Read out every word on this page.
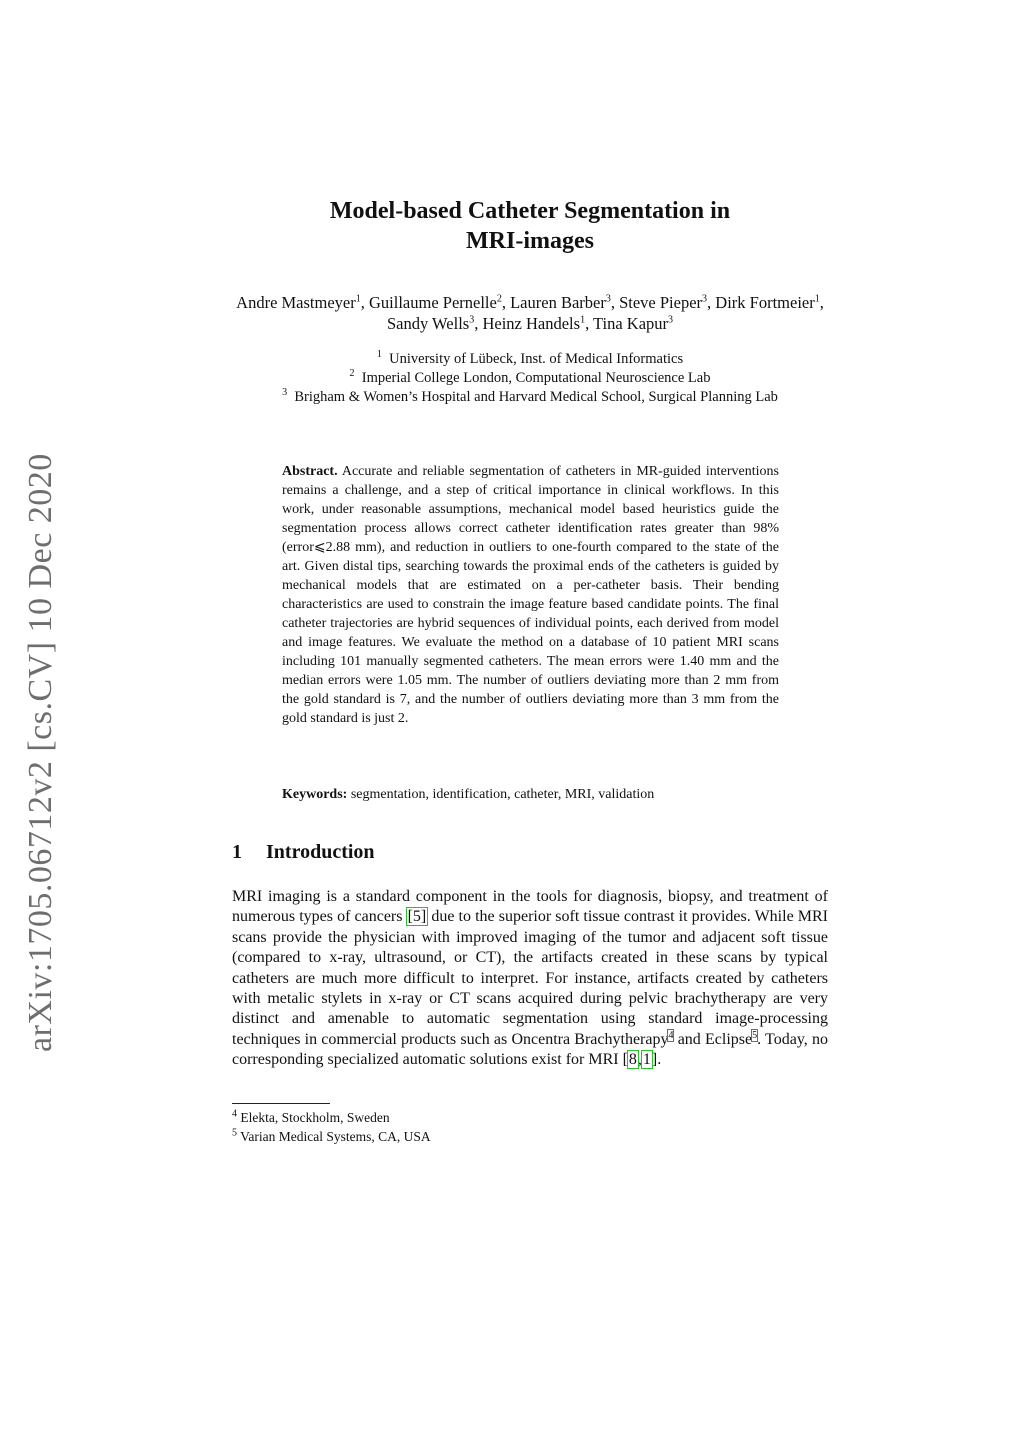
arXiv:1705.06712v2 [cs.CV] 10 Dec 2020
Model-based Catheter Segmentation in
MRI-images
Andre Mastmeyer$^1$, Guillaume Pernelle$^2$, Lauren Barber$^3$, Steve Pieper$^3$, Dirk Fortmeier$^1$, Sandy Wells$^3$, Heinz Handels$^1$, Tina Kapur$^3$
$^1$ University of Lübeck, Inst. of Medical Informatics
$^2$ Imperial College London, Computational Neuroscience Lab
$^3$ Brigham & Women’s Hospital and Harvard Medical School, Surgical Planning Lab
Abstract. Accurate and reliable segmentation of catheters in MR-guided interventions remains a challenge, and a step of critical importance in clinical workflows. In this work, under reasonable assumptions, mechanical model based heuristics guide the segmentation process allows correct catheter identification rates greater than 98% (error⩽2.88 mm), and reduction in outliers to one-fourth compared to the state of the art. Given distal tips, searching towards the proximal ends of the catheters is guided by mechanical models that are estimated on a per-catheter basis. Their bending characteristics are used to constrain the image feature based candidate points. The final catheter trajectories are hybrid sequences of individual points, each derived from model and image features. We evaluate the method on a database of 10 patient MRI scans including 101 manually segmented catheters. The mean errors were 1.40 mm and the median errors were 1.05 mm. The number of outliers deviating more than 2 mm from the gold standard is 7, and the number of outliers deviating more than 3 mm from the gold standard is just 2.
Keywords: segmentation, identification, catheter, MRI, validation
1 Introduction
MRI imaging is a standard component in the tools for diagnosis, biopsy, and treatment of numerous types of cancers [5] due to the superior soft tissue contrast it provides. While MRI scans provide the physician with improved imaging of the tumor and adjacent soft tissue (compared to x-ray, ultrasound, or CT), the artifacts created in these scans by typical catheters are much more difficult to interpret. For instance, artifacts created by catheters with metalic stylets in x-ray or CT scans acquired during pelvic brachytherapy are very distinct and amenable to automatic segmentation using standard image-processing techniques in commercial products such as Oncentra Brachytherapy$^4$ and Eclipse$^5$. Today, no corresponding specialized automatic solutions exist for MRI [8,1].
$^4$ Elekta, Stockholm, Sweden
$^5$ Varian Medical Systems, CA, USA
